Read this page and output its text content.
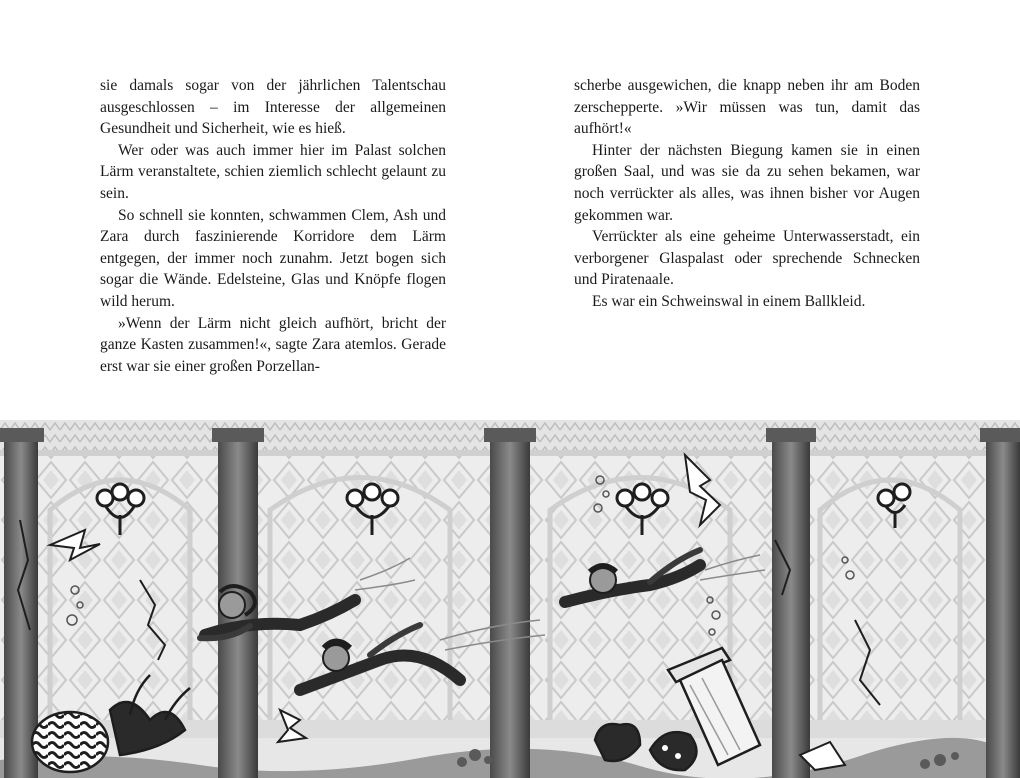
sie damals sogar von der jährlichen Talentschau ausgeschlossen – im Interesse der allgemeinen Gesundheit und Sicherheit, wie es hieß.

Wer oder was auch immer hier im Palast solchen Lärm veranstaltete, schien ziemlich schlecht gelaunt zu sein.

So schnell sie konnten, schwammen Clem, Ash und Zara durch faszinierende Korridore dem Lärm entgegen, der immer noch zunahm. Jetzt bogen sich sogar die Wände. Edelsteine, Glas und Knöpfe flogen wild herum.

»Wenn der Lärm nicht gleich aufhört, bricht der ganze Kasten zusammen!«, sagte Zara atemlos. Gerade erst war sie einer großen Porzellan-

scherbe ausgewichen, die knapp neben ihr am Boden zerschepperte. »Wir müssen was tun, damit das aufhört!«

Hinter der nächsten Biegung kamen sie in einen großen Saal, und was sie da zu sehen bekamen, war noch verrückter als alles, was ihnen bisher vor Augen gekommen war.

Verrückter als eine geheime Unterwasserstadt, ein verborgener Glaspalast oder sprechende Schnecken und Piratenaale.

Es war ein Schweinswal in einem Ballkleid.
